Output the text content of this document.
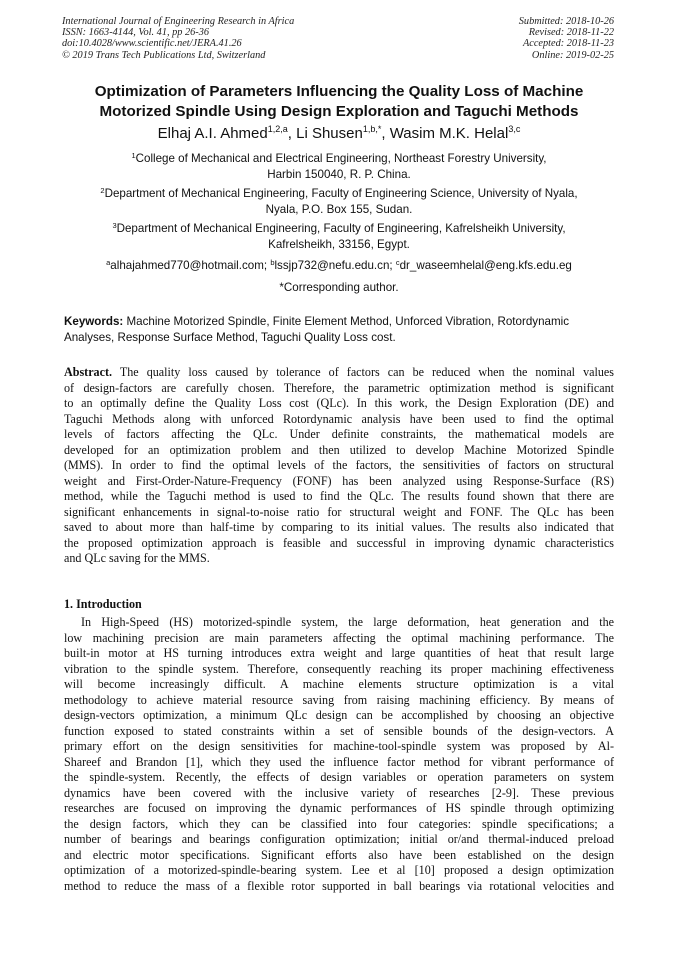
International Journal of Engineering Research in Africa
ISSN: 1663-4144, Vol. 41, pp 26-36
doi:10.4028/www.scientific.net/JERA.41.26
© 2019 Trans Tech Publications Ltd, Switzerland
Submitted: 2018-10-26
Revised: 2018-11-22
Accepted: 2018-11-23
Online: 2019-02-25
Optimization of Parameters Influencing the Quality Loss of Machine
Motorized Spindle Using Design Exploration and Taguchi Methods
Elhaj A.I. Ahmed$^{1,2,a}$, Li Shusen$^{1,b,*}$, Wasim M.K. Helal$^{3,c}$
$^1$College of Mechanical and Electrical Engineering, Northeast Forestry University,
Harbin 150040, R. P. China.
$^2$Department of Mechanical Engineering, Faculty of Engineering Science, University of Nyala,
Nyala, P.O. Box 155, Sudan.
$^3$Department of Mechanical Engineering, Faculty of Engineering, Kafrelsheikh University,
Kafrelsheikh, 33156, Egypt.
$^a$alhajahmed770@hotmail.com; $^b$lssjp732@nefu.edu.cn; $^c$dr_waseemhelal@eng.kfs.edu.eg
*Corresponding author.
Keywords: Machine Motorized Spindle, Finite Element Method, Unforced Vibration, Rotordynamic
Analyses, Response Surface Method, Taguchi Quality Loss cost.
Abstract. The quality loss caused by tolerance of factors can be reduced when the nominal values
of design-factors are carefully chosen. Therefore, the parametric optimization method is significant
to an optimally define the Quality Loss cost (QLc). In this work, the Design Exploration (DE) and
Taguchi Methods along with unforced Rotordynamic analysis have been used to find the optimal
levels of factors affecting the QLc. Under definite constraints, the mathematical models are
developed for an optimization problem and then utilized to develop Machine Motorized Spindle
(MMS). In order to find the optimal levels of the factors, the sensitivities of factors on structural
weight and First-Order-Nature-Frequency (FONF) has been analyzed using Response-Surface (RS)
method, while the Taguchi method is used to find the QLc. The results found shown that there are
significant enhancements in signal-to-noise ratio for structural weight and FONF. The QLc has been
saved to about more than half-time by comparing to its initial values. The results also indicated that
the proposed optimization approach is feasible and successful in improving dynamic characteristics
and QLc saving for the MMS.
1. Introduction
In High-Speed (HS) motorized-spindle system, the large deformation, heat generation and the
low machining precision are main parameters affecting the optimal machining performance. The
built-in motor at HS turning introduces extra weight and large quantities of heat that result large
vibration to the spindle system. Therefore, consequently reaching its proper machining effectiveness
will become increasingly difficult. A machine elements structure optimization is a vital
methodology to achieve material resource saving from raising machining efficiency. By means of
design-vectors optimization, a minimum QLc design can be accomplished by choosing an objective
function exposed to stated constraints within a set of sensible bounds of the design-vectors. A
primary effort on the design sensitivities for machine-tool-spindle system was proposed by Al-
Shareef and Brandon [1], which they used the influence factor method for vibrant performance of
the spindle-system. Recently, the effects of design variables or operation parameters on system
dynamics have been covered with the inclusive variety of researches [2-9]. These previous
researches are focused on improving the dynamic performances of HS spindle through optimizing
the design factors, which they can be classified into four categories: spindle specifications; a
number of bearings and bearings configuration optimization; initial or/and thermal-induced preload
and electric motor specifications. Significant efforts also have been established on the design
optimization of a motorized-spindle-bearing system. Lee et al [10] proposed a design optimization
method to reduce the mass of a flexible rotor supported in ball bearings via rotational velocities and
